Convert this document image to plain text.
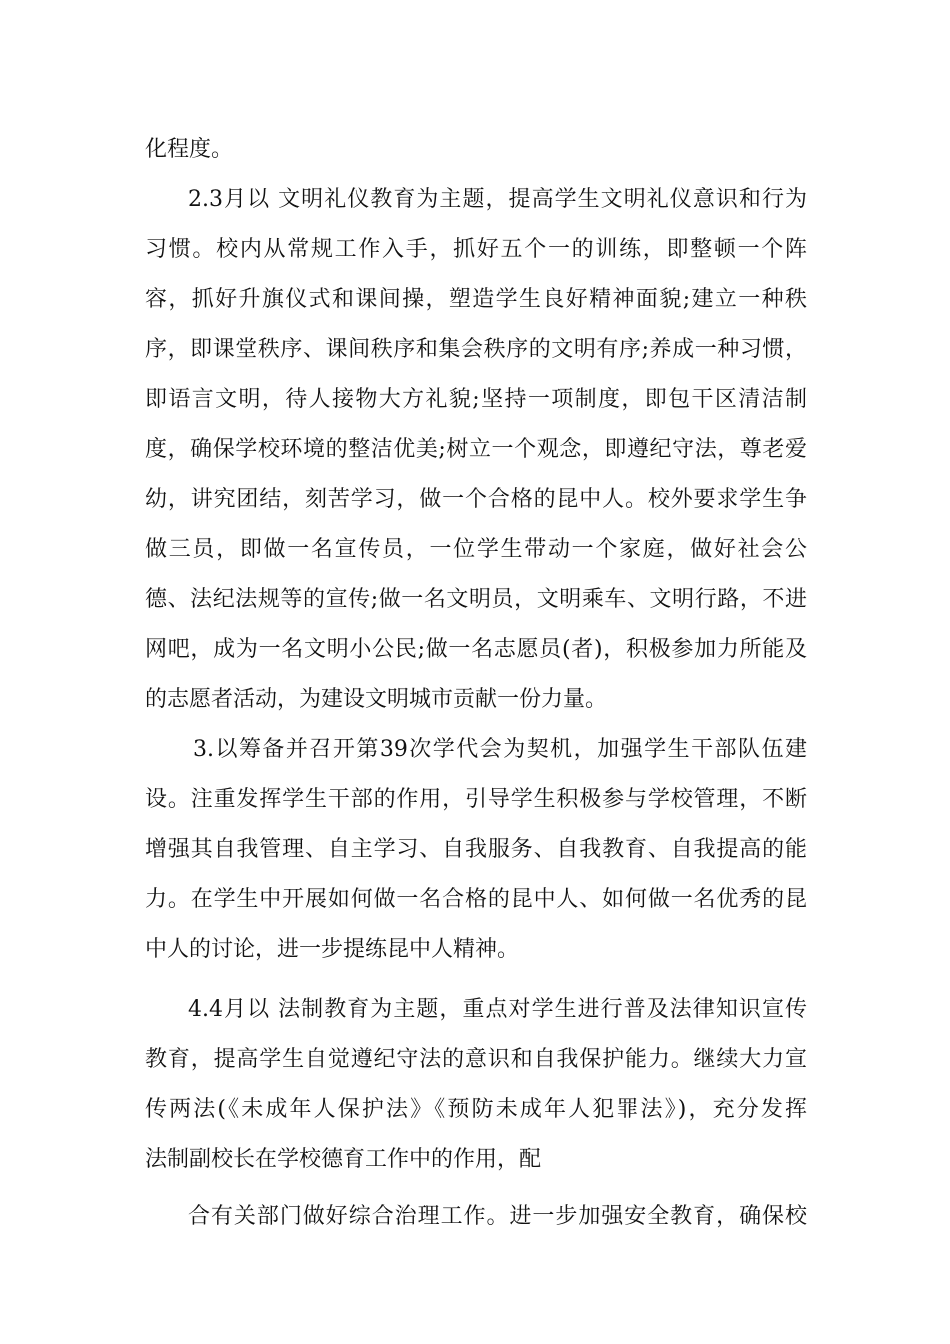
化程度。
2.3月以 文明礼仪教育为主题，提高学生文明礼仪意识和行为
习惯。校内从常规工作入手，抓好五个一的训练，即整顿一个阵
容，抓好升旗仪式和课间操，塑造学生良好精神面貌;建立一种秩
序，即课堂秩序、课间秩序和集会秩序的文明有序;养成一种习惯，
即语言文明，待人接物大方礼貌;坚持一项制度，即包干区清洁制
度，确保学校环境的整洁优美;树立一个观念，即遵纪守法，尊老爱
幼，讲究团结，刻苦学习，做一个合格的昆中人。校外要求学生争
做三员，即做一名宣传员，一位学生带动一个家庭，做好社会公
德、法纪法规等的宣传;做一名文明员，文明乘车、文明行路，不进
网吧，成为一名文明小公民;做一名志愿员(者)，积极参加力所能及
的志愿者活动，为建设文明城市贡献一份力量。
3.以筹备并召开第39次学代会为契机，加强学生干部队伍建
设。注重发挥学生干部的作用，引导学生积极参与学校管理，不断
增强其自我管理、自主学习、自我服务、自我教育、自我提高的能
力。在学生中开展如何做一名合格的昆中人、如何做一名优秀的昆
中人的讨论，进一步提练昆中人精神。
4.4月以 法制教育为主题，重点对学生进行普及法律知识宣传
教育，提高学生自觉遵纪守法的意识和自我保护能力。继续大力宣
传两法(《未成年人保护法》《预防未成年人犯罪法》)，充分发挥
法制副校长在学校德育工作中的作用，配
合有关部门做好综合治理工作。进一步加强安全教育，确保校
